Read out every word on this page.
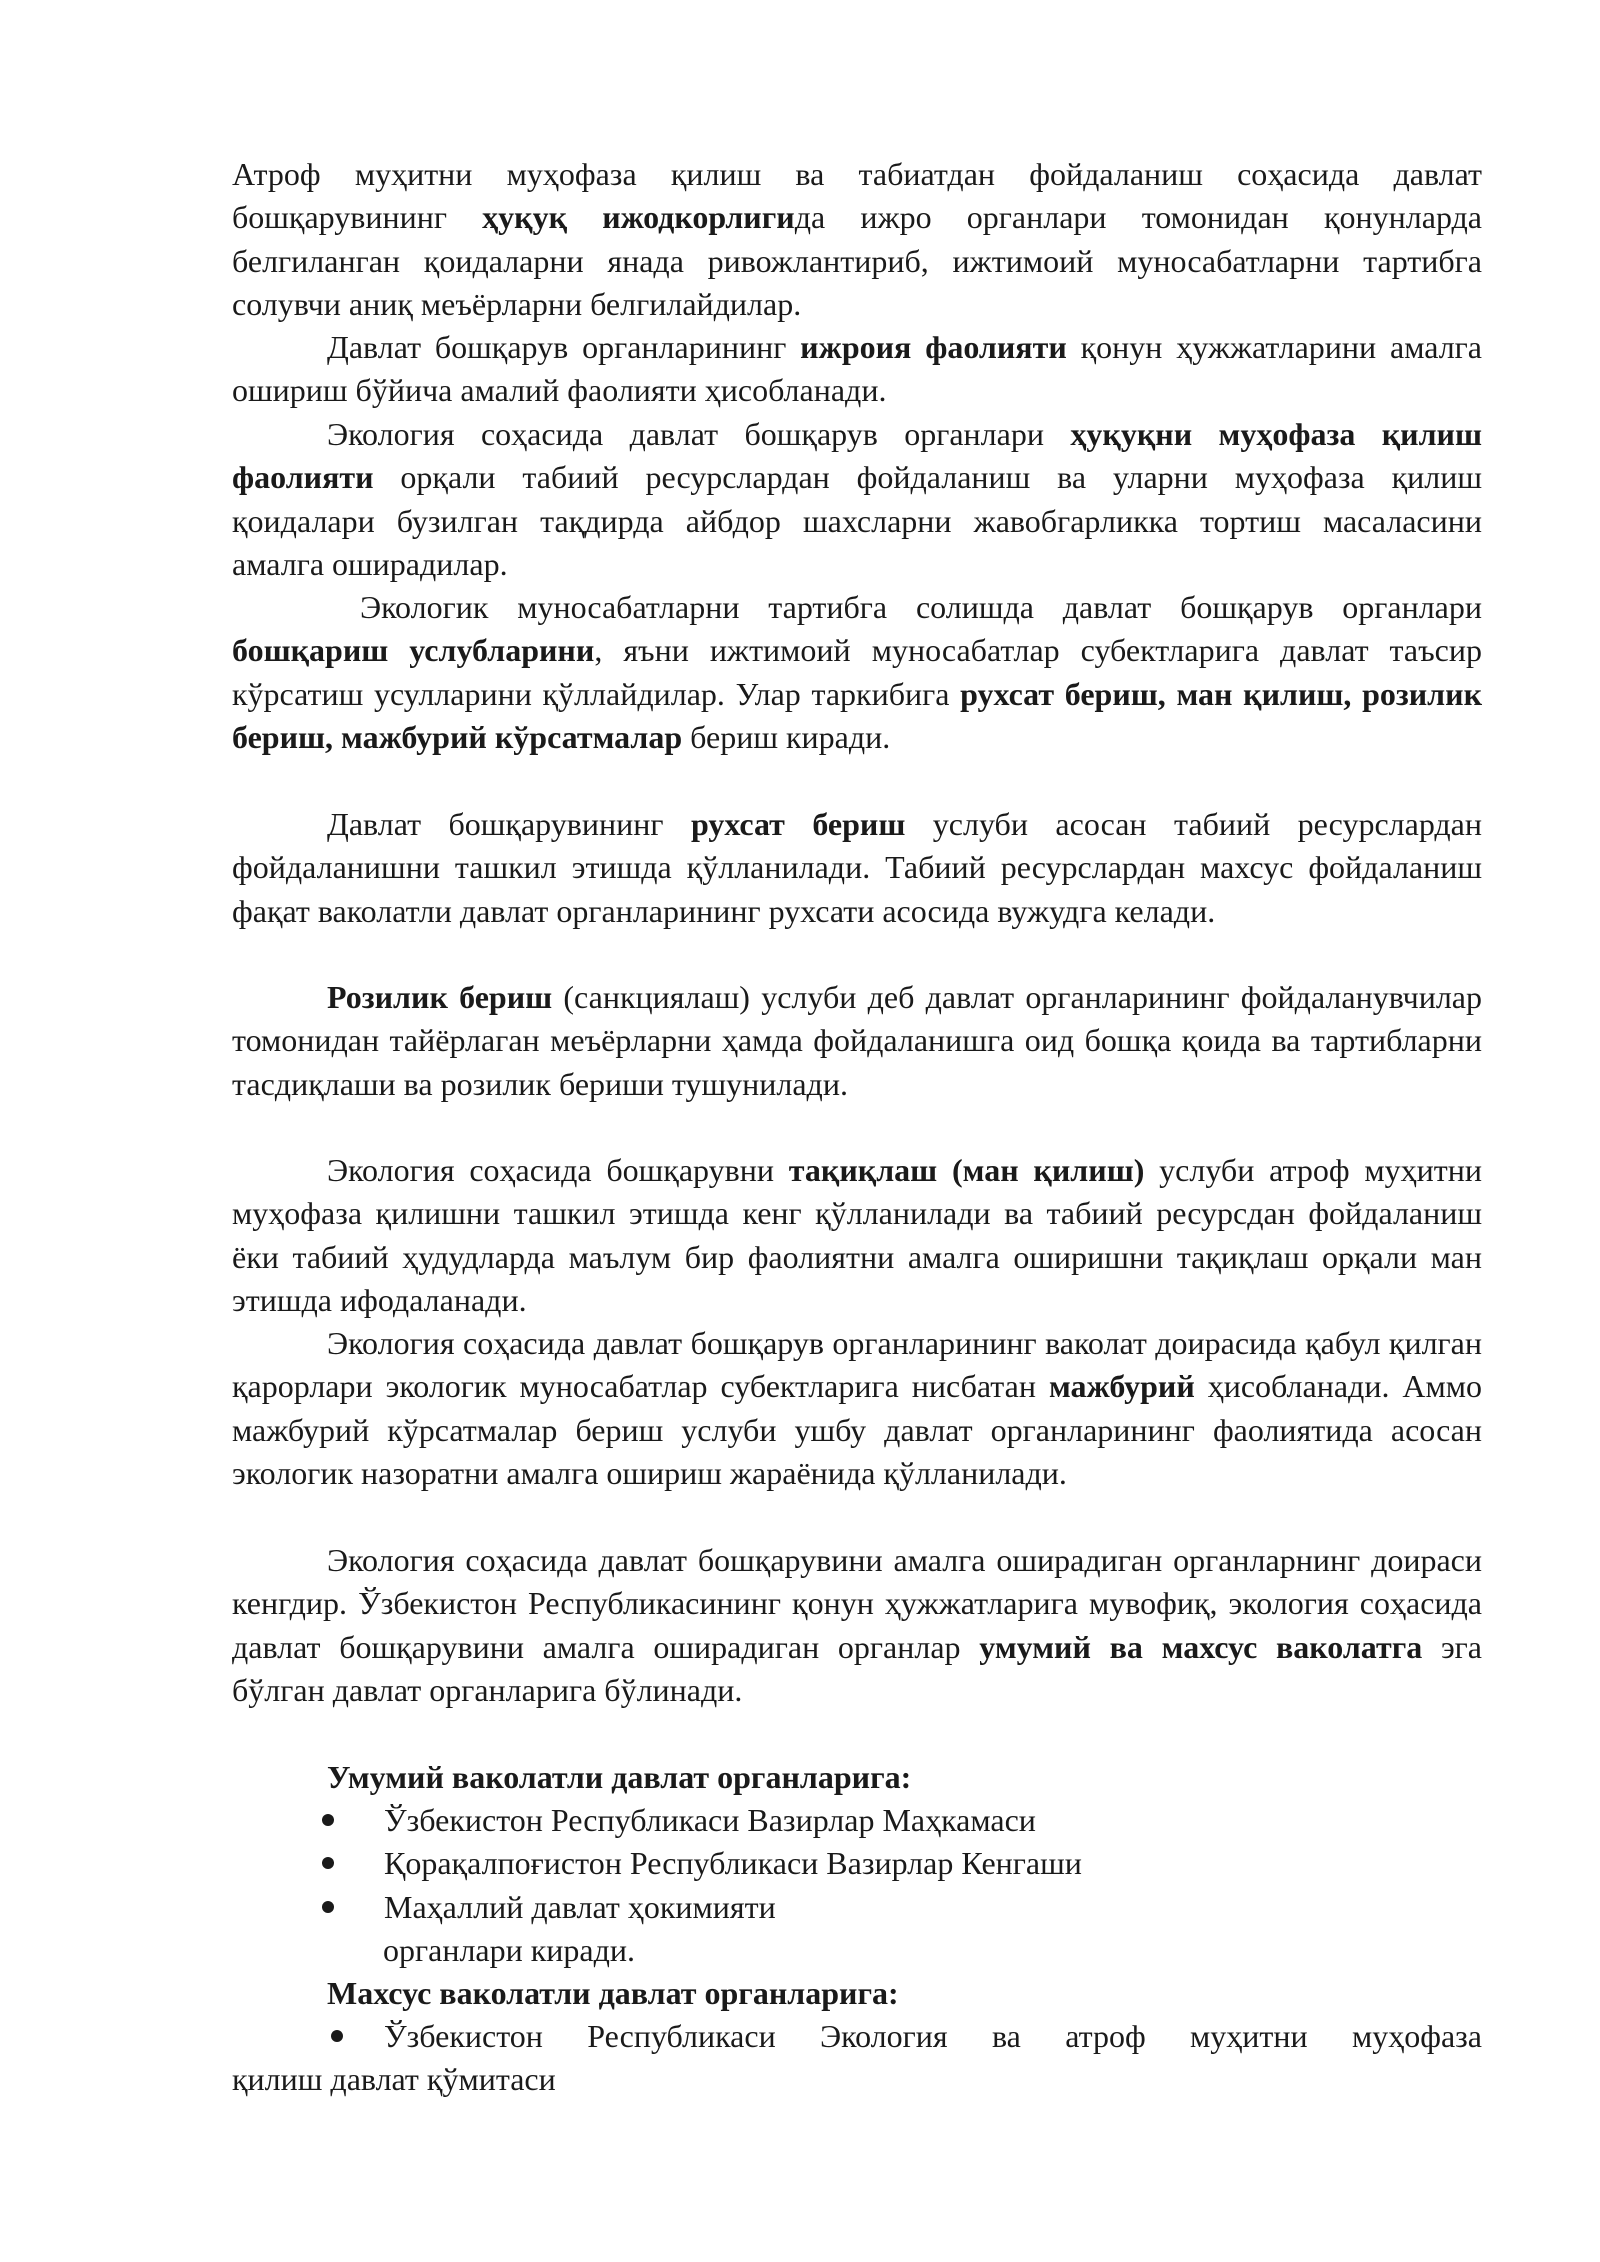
Атроф муҳитни муҳофаза қилиш ва табиатдан фойдаланиш соҳасида давлат бошқарувининг ҳуқуқ ижодкорлигида ижро органлари томонидан қонунларда белгиланган қоидаларни янада ривожлантириб, ижтимоий муносабатларни тартибга солувчи аниқ меъёрларни белгилайдилар.

Давлат бошқарув органларининг ижроия фаолияти қонун ҳужжатларини амалга ошириш бўйича амалий фаолияти ҳисобланади.

Экология соҳасида давлат бошқарув органлари ҳуқуқни муҳофаза қилиш фаолияти орқали табиий ресурслардан фойдаланиш ва уларни муҳофаза қилиш қоидалари бузилган тақдирда айбдор шахсларни жавобгарликка тортиш масаласини амалга оширадилар.

Экологик муносабатларни тартибга солишда давлат бошқарув органлари бошқариш услубларини, яъни ижтимоий муносабатлар субектларига давлат таъсир кўрсатиш усулларини қўллайдилар. Улар таркибига рухсат бериш, ман қилиш, розилик бериш, мажбурий кўрсатмалар бериш киради.

Давлат бошқарувининг рухсат бериш услуби асосан табиий ресурслардан фойдаланишни ташкил этишда қўлланилади. Табиий ресурслардан махсус фойдаланиш фақат ваколатли давлат органларининг рухсати асосида вужудга келади.

Розилик бериш (санкциялаш) услуби деб давлат органларининг фойдаланувчилар томонидан тайёрлаган меъёрларни ҳамда фойдаланишга оид бошқа қоида ва тартибларни тасдиқлаши ва розилик бериши тушунилади.

Экология соҳасида бошқарувни тақиқлаш (ман қилиш) услуби атроф муҳитни муҳофаза қилишни ташкил этишда кенг қўлланилади ва табиий ресурсдан фойдаланиш ёки табиий ҳудудларда маълум бир фаолиятни амалга оширишни тақиқлаш орқали ман этишда ифодаланади.

Экология соҳасида давлат бошқарув органларининг ваколат доирасида қабул қилган қарорлари экологик муносабатлар субектларига нисбатан мажбурий ҳисобланади. Аммо мажбурий кўрсатмалар бериш услуби ушбу давлат органларининг фаолиятида асосан экологик назоратни амалга ошириш жараёнида қўлланилади.

Экология соҳасида давлат бошқарувини амалга оширадиган органларнинг доираси кенгдир. Ўзбекистон Республикасининг қонун ҳужжатларига мувофиқ, экология соҳасида давлат бошқарувини амалга оширадиган органлар умумий ва махсус ваколатга эга бўлган давлат органларига бўлинади.

Умумий ваколатли давлат органларига:

Ўзбекистон Республикаси Вазирлар Маҳкамаси
Қорақалпоғистон Республикаси Вазирлар Кенгаши
Маҳаллий давлат ҳокимияти

органлари киради.

Махсус ваколатли давлат органларига:

Ўзбекистон Республикаси Экология ва атроф муҳитни муҳофаза

қилиш давлат қўмитаси
